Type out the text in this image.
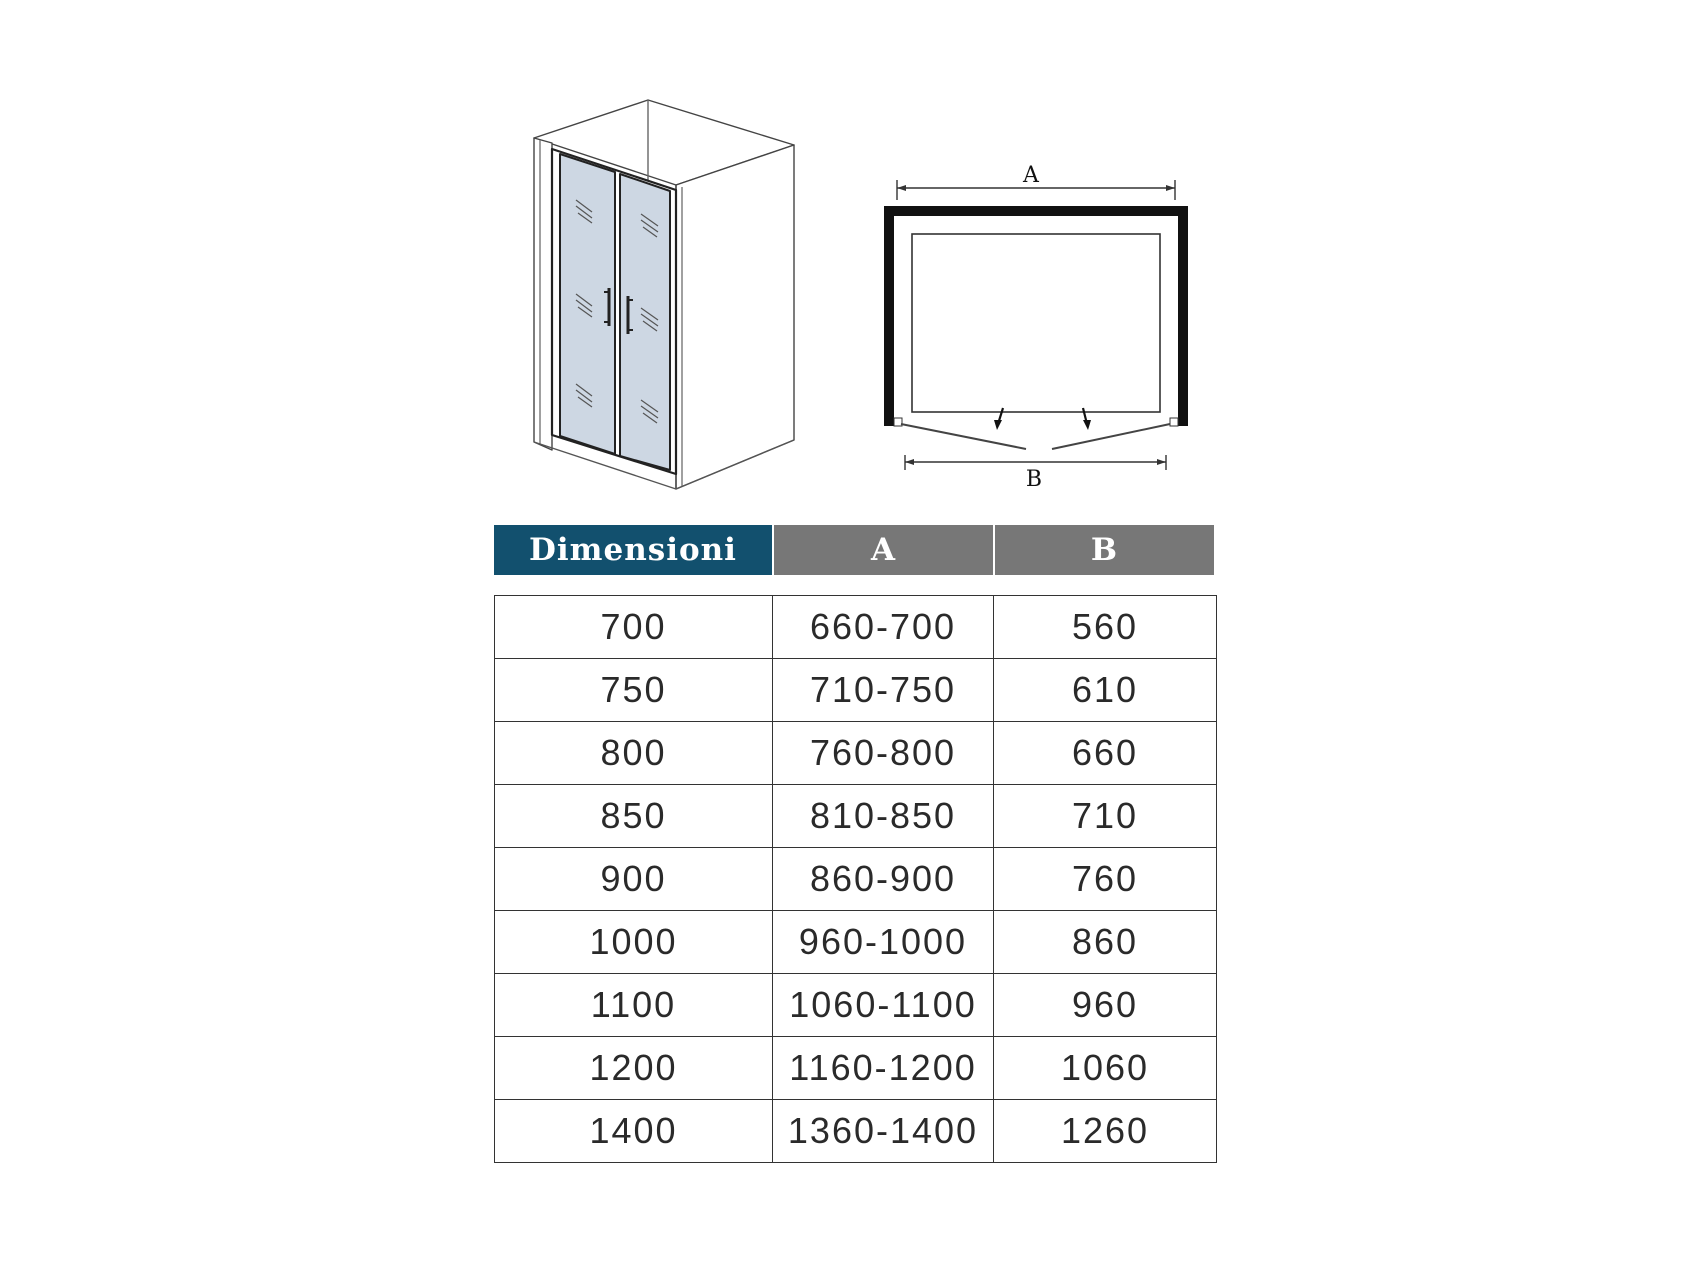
A
B
Dimensioni	A	B
700	660-700	560
750	710-750	610
800	760-800	660
850	810-850	710
900	860-900	760
1000	960-1000	860
1100	1060-1100	960
1200	1160-1200	1060
1400	1360-1400	1260
